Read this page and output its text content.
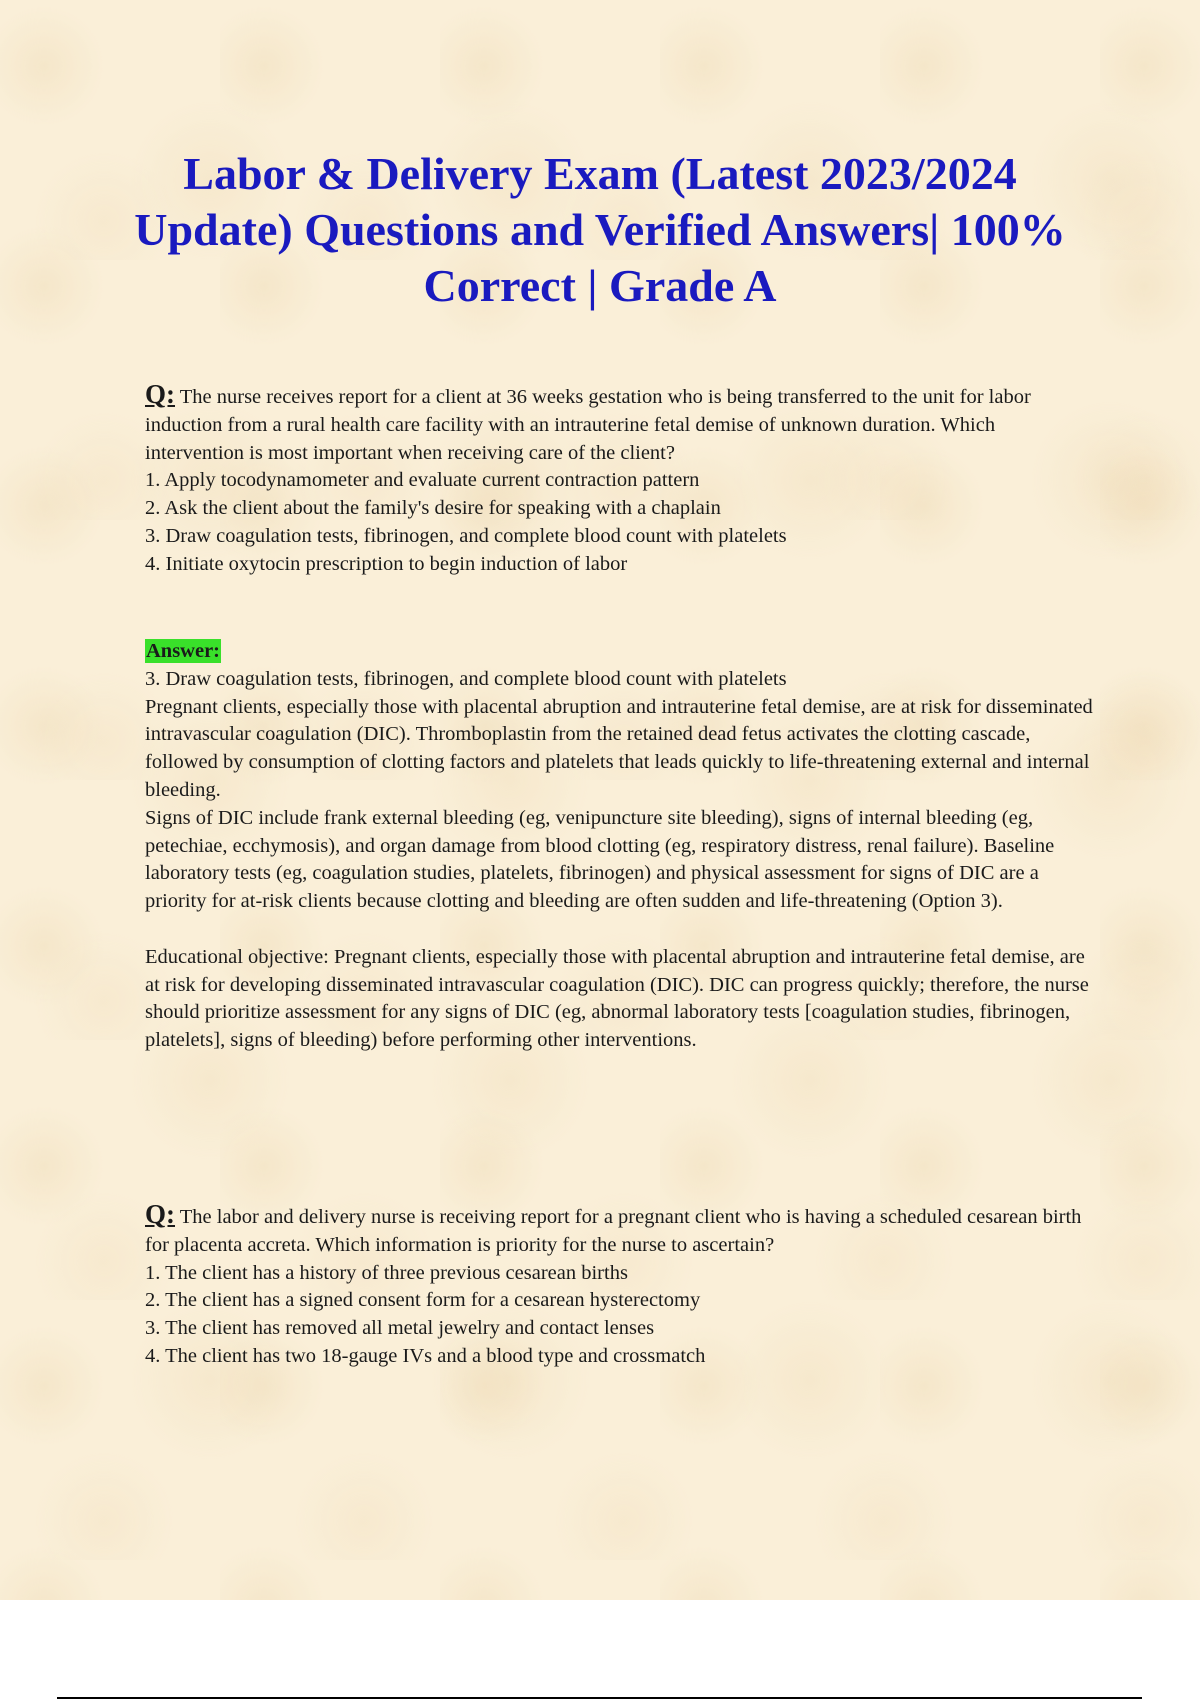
Labor & Delivery Exam (Latest 2023/2024 Update) Questions and Verified Answers| 100% Correct | Grade A

Q: The nurse receives report for a client at 36 weeks gestation who is being transferred to the unit for labor induction from a rural health care facility with an intrauterine fetal demise of unknown duration. Which intervention is most important when receiving care of the client?

1. Apply tocodynamometer and evaluate current contraction pattern

2. Ask the client about the family's desire for speaking with a chaplain

3. Draw coagulation tests, fibrinogen, and complete blood count with platelets

4. Initiate oxytocin prescription to begin induction of labor

Answer:

3. Draw coagulation tests, fibrinogen, and complete blood count with platelets

Pregnant clients, especially those with placental abruption and intrauterine fetal demise, are at risk for disseminated intravascular coagulation (DIC). Thromboplastin from the retained dead fetus activates the clotting cascade, followed by consumption of clotting factors and platelets that leads quickly to life-threatening external and internal bleeding.

Signs of DIC include frank external bleeding (eg, venipuncture site bleeding), signs of internal bleeding (eg, petechiae, ecchymosis), and organ damage from blood clotting (eg, respiratory distress, renal failure). Baseline laboratory tests (eg, coagulation studies, platelets, fibrinogen) and physical assessment for signs of DIC are a priority for at-risk clients because clotting and bleeding are often sudden and life-threatening (Option 3).

Educational objective: Pregnant clients, especially those with placental abruption and intrauterine fetal demise, are at risk for developing disseminated intravascular coagulation (DIC). DIC can progress quickly; therefore, the nurse should prioritize assessment for any signs of DIC (eg, abnormal laboratory tests [coagulation studies, fibrinogen, platelets], signs of bleeding) before performing other interventions.

Q: The labor and delivery nurse is receiving report for a pregnant client who is having a scheduled cesarean birth for placenta accreta. Which information is priority for the nurse to ascertain?

1. The client has a history of three previous cesarean births

2. The client has a signed consent form for a cesarean hysterectomy

3. The client has removed all metal jewelry and contact lenses

4. The client has two 18-gauge IVs and a blood type and crossmatch
